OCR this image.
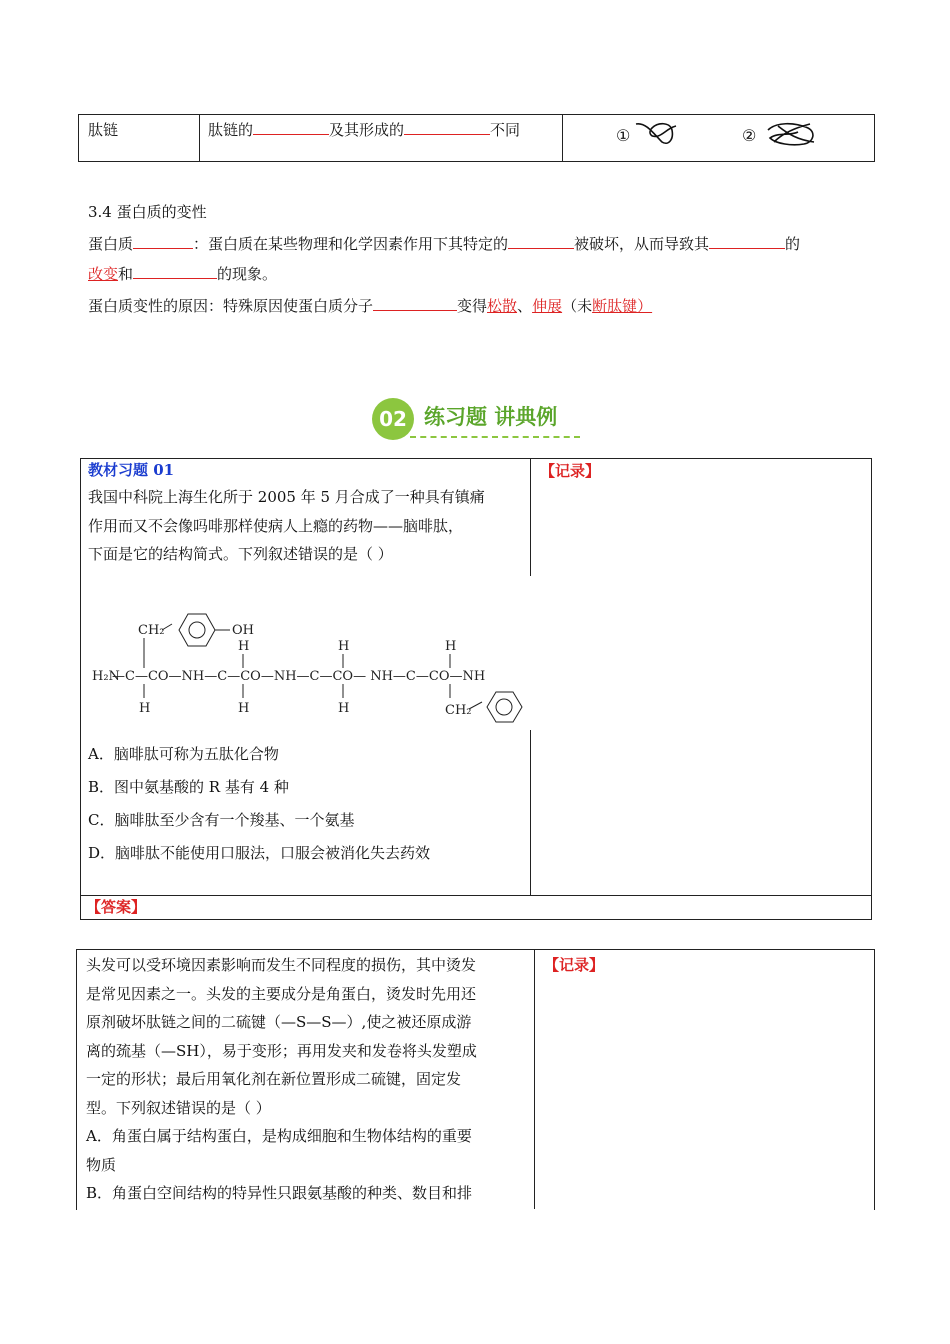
肽链	肽链的	及其形成的	不同	①	②
3.4 蛋白质的变性
蛋白质	：蛋白质在某些物理和化学因素作用下其特定的	被破坏，从而导致其	的
改变和	的现象。
蛋白质变性的原因：特殊原因使蛋白质分子	变得松散、伸展（未断肽键）
02 练习题 讲典例
教材习题 01	【记录】
我国中科院上海生化所于 2005 年 5 月合成了一种具有镇痛
作用而又不会像吗啡那样使病人上瘾的药物——脑啡肽，
下面是它的结构简式。下列叙述错误的是（ ）
CH₂	OH
H₂N
—C—CO—NH—C—CO—NH—C—CO— NH—C—CO—NH
H
H	H
H	H	H	CH₂
A．脑啡肽可称为五肽化合物
B．图中氨基酸的 R 基有 4 种
C．脑啡肽至少含有一个羧基、一个氨基
D．脑啡肽不能使用口服法，口服会被消化失去药效
【答案】
【记录】
头发可以受环境因素影响而发生不同程度的损伤，其中烫发
是常见因素之一。头发的主要成分是角蛋白，烫发时先用还
原剂破坏肽链之间的二硫键（—S—S—）,使之被还原成游
离的巯基（—SH），易于变形；再用发夹和发卷将头发塑成
一定的形状；最后用氧化剂在新位置形成二硫键，固定发
型。下列叙述错误的是（ ）
A．角蛋白属于结构蛋白，是构成细胞和生物体结构的重要
物质
B．角蛋白空间结构的特异性只跟氨基酸的种类、数目和排
